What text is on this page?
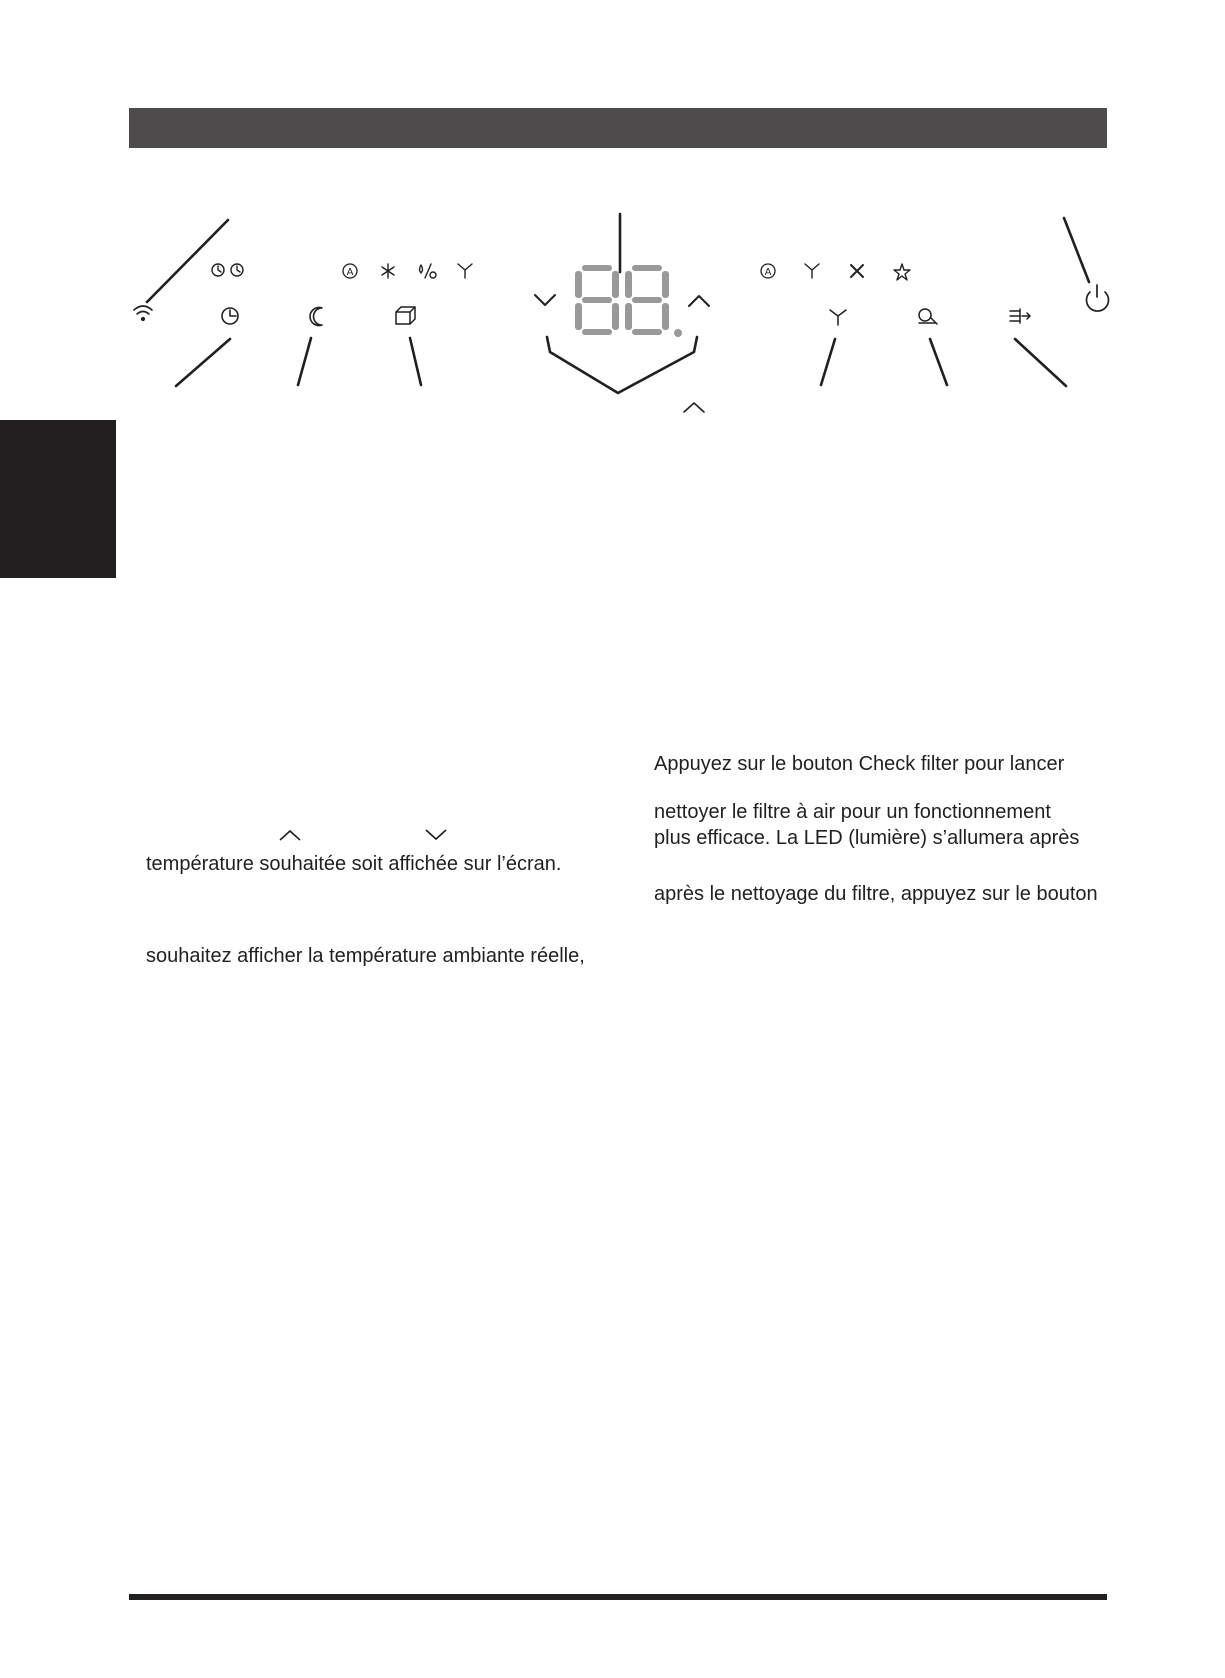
A	A
température souhaitée soit affichée sur l’écran.
souhaitez afficher la température ambiante réelle,
Appuyez sur le bouton Check filter pour lancer
nettoyer le filtre à air pour un fonctionnement
plus efficace. La LED (lumière) s’allumera après
après le nettoyage du filtre, appuyez sur le bouton
